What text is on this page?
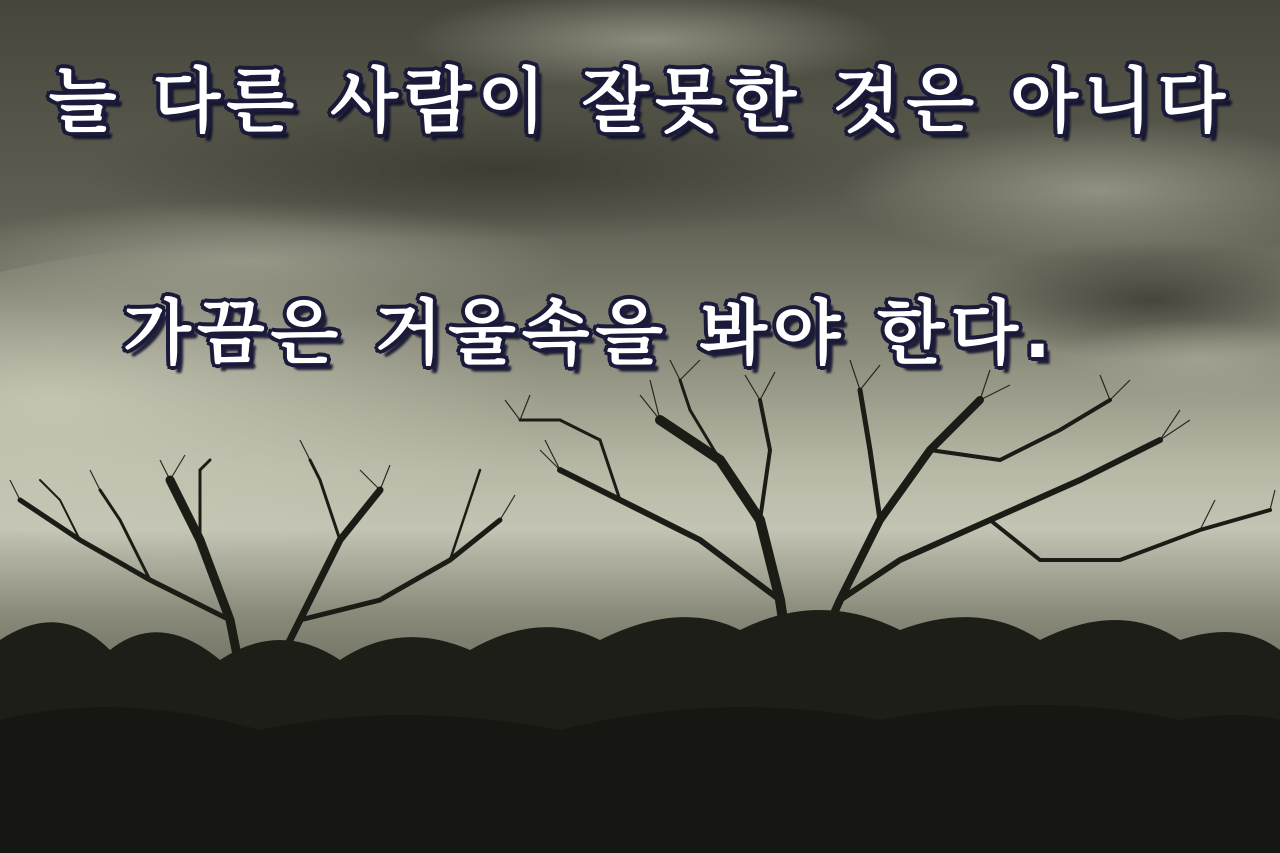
늘 다른 사람이 잘못한 것은 아니다
가끔은 거울속을 봐야 한다.
